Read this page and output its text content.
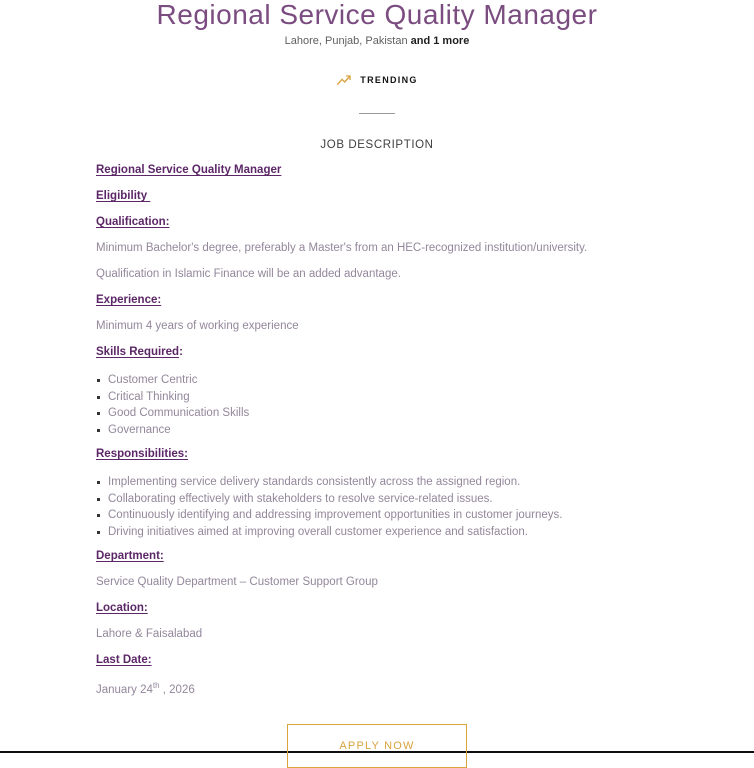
Regional Service Quality Manager
Lahore, Punjab, Pakistan and 1 more
TRENDING
JOB DESCRIPTION

Regional Service Quality Manager

Eligibility

Qualification:

Minimum Bachelor's degree, preferably a Master's from an HEC-recognized institution/university.

Qualification in Islamic Finance will be an added advantage.

Experience:

Minimum 4 years of working experience

Skills Required:

Customer Centric
Critical Thinking
Good Communication Skills
Governance

Responsibilities:

Implementing service delivery standards consistently across the assigned region.
Collaborating effectively with stakeholders to resolve service-related issues.
Continuously identifying and addressing improvement opportunities in customer journeys.
Driving initiatives aimed at improving overall customer experience and satisfaction.

Department:

Service Quality Department – Customer Support Group

Location:

Lahore & Faisalabad

Last Date:

January 24th , 2026

APPLY NOW
